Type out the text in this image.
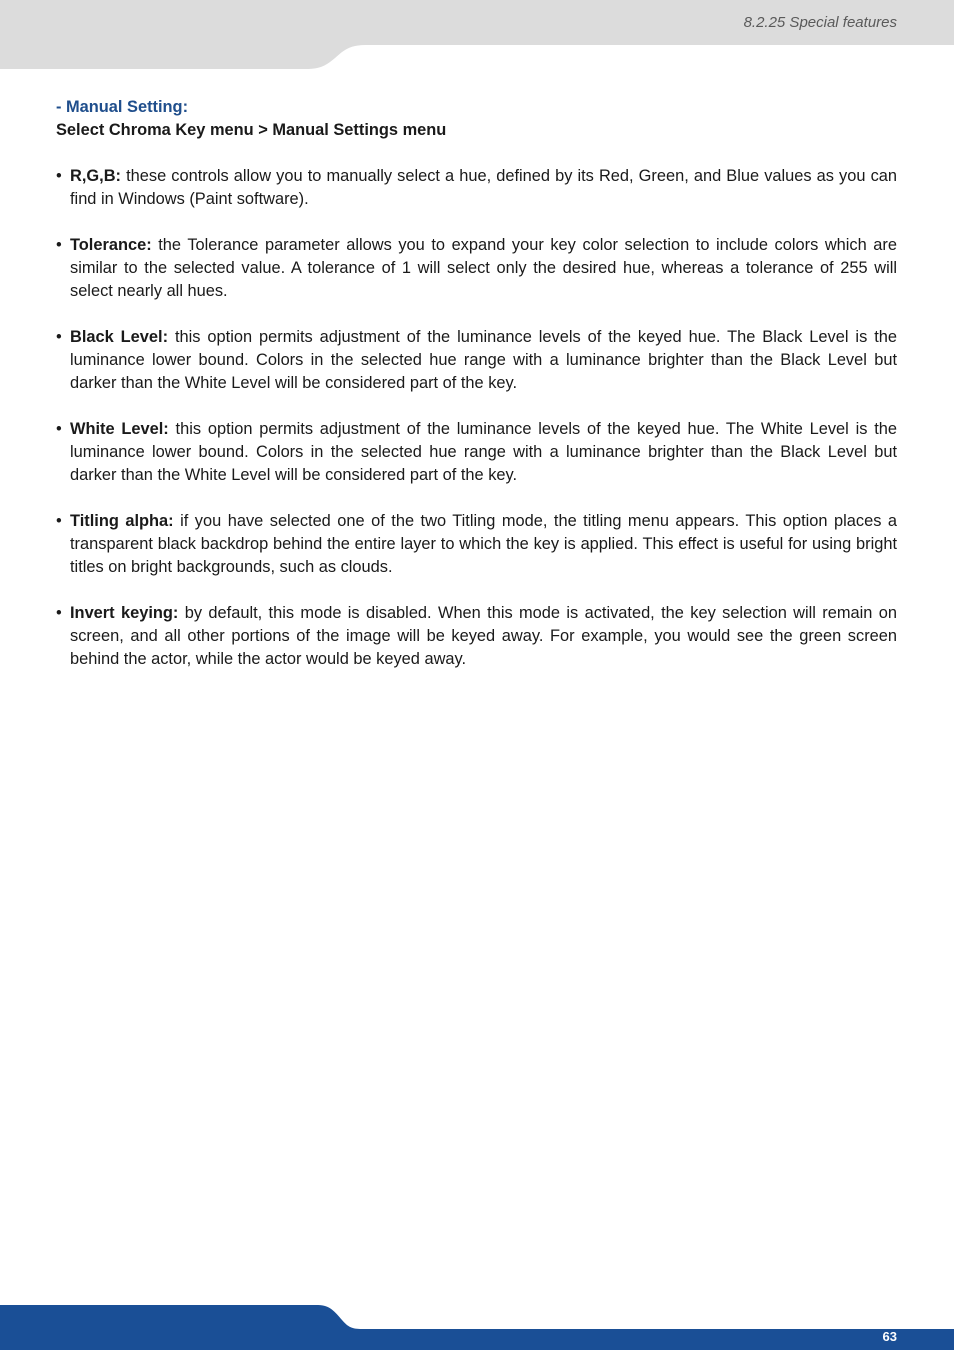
8.2.25 Special features

- Manual Setting:

Select Chroma Key menu > Manual Settings menu

• R,G,B: these controls allow you to manually select a hue, defined by its Red, Green, and Blue values as you can find in Windows (Paint software).

• Tolerance: the Tolerance parameter allows you to expand your key color selection to include colors which are similar to the selected value. A tolerance of 1 will select only the desired hue, whereas a tolerance of 255 will select nearly all hues.

• Black Level: this option permits adjustment of the luminance levels of the keyed hue. The Black Level is the luminance lower bound. Colors in the selected hue range with a luminance brighter than the Black Level but darker than the White Level will be considered part of the key.

• White Level: this option permits adjustment of the luminance levels of the keyed hue. The White Level is the luminance lower bound. Colors in the selected hue range with a luminance brighter than the Black Level but darker than the White Level will be considered part of the key.

• Titling alpha: if you have selected one of the two Titling mode, the titling menu appears. This option places a transparent black backdrop behind the entire layer to which the key is applied. This effect is useful for using bright titles on bright backgrounds, such as clouds.

• Invert keying: by default, this mode is disabled. When this mode is activated, the key selection will remain on screen, and all other portions of the image will be keyed away. For example, you would see the green screen behind the actor, while the actor would be keyed away.

63
